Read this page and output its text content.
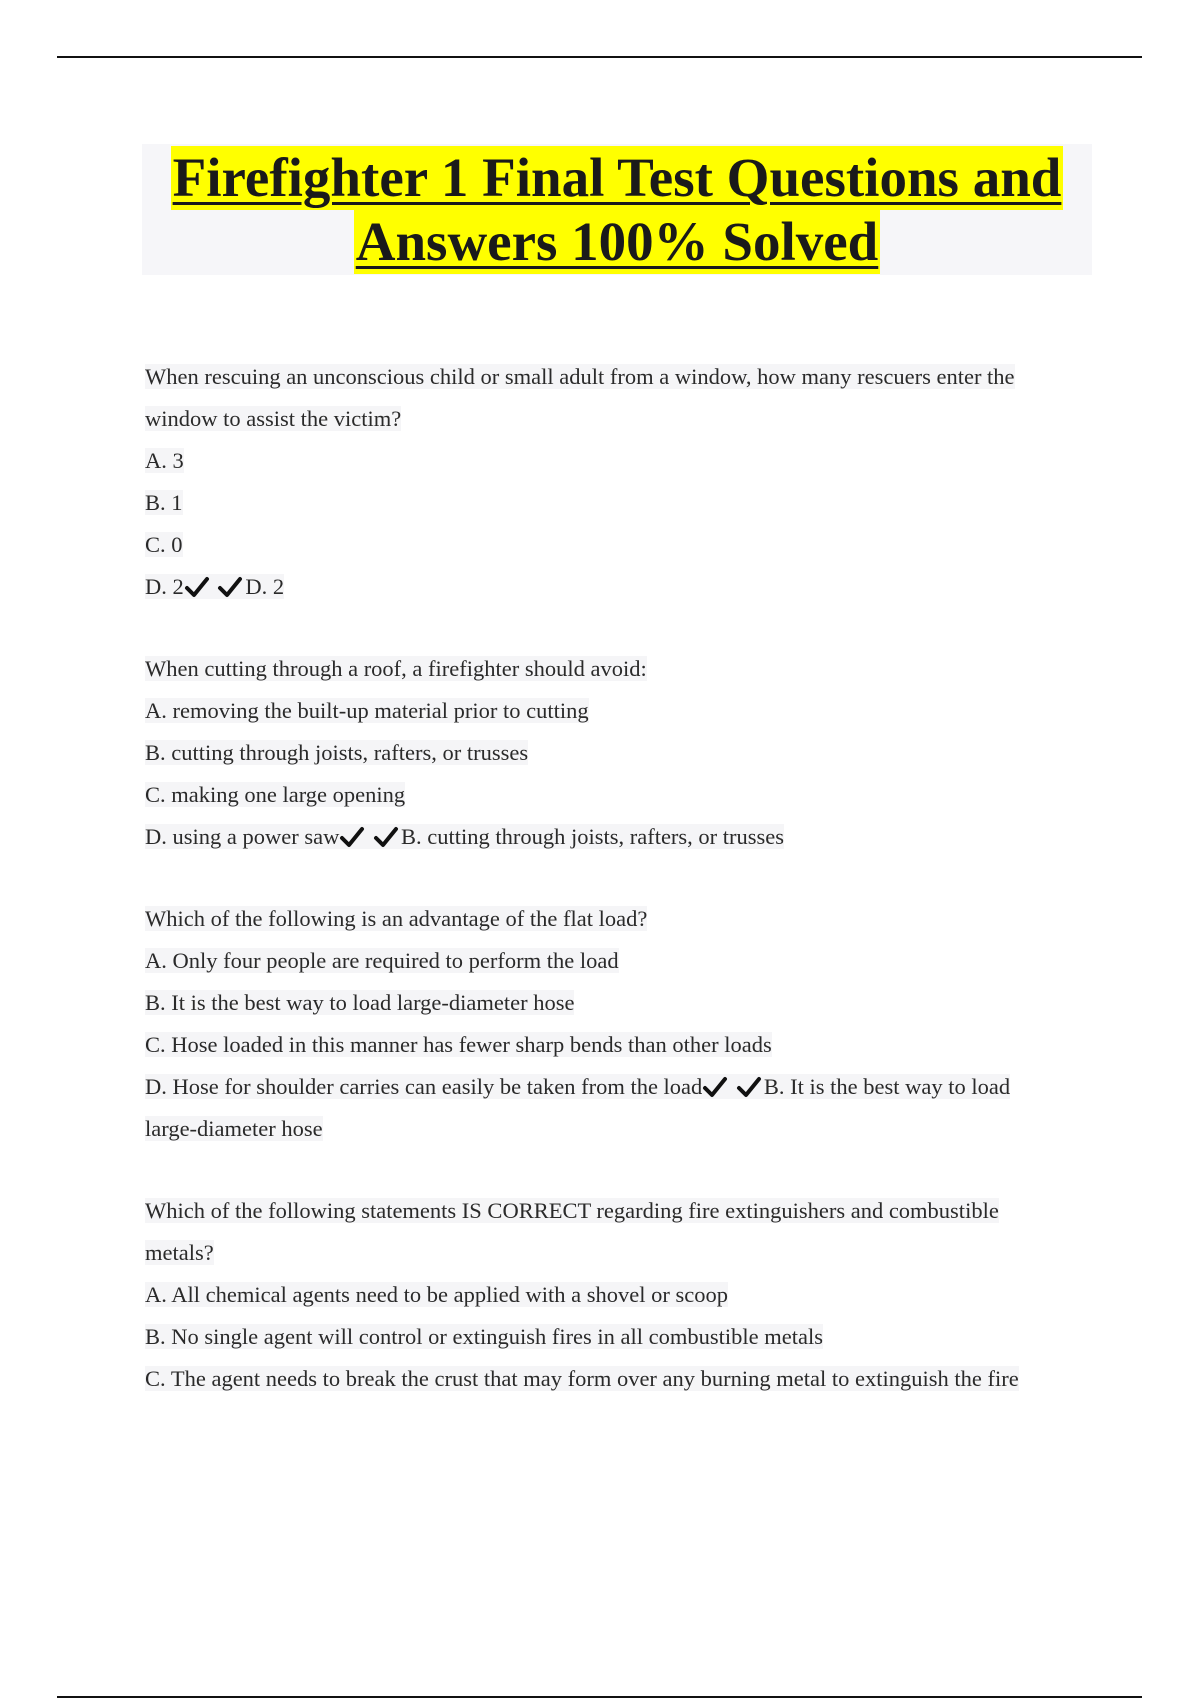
Firefighter 1 Final Test Questions and
Answers 100% Solved
When rescuing an unconscious child or small adult from a window, how many rescuers enter the
window to assist the victim?
A. 3
B. 1
C. 0
D. 2
	D. 2
When cutting through a roof, a firefighter should avoid:
A. removing the built-up material prior to cutting
B. cutting through joists, rafters, or trusses
C. making one large opening
D. using a power saw
	B. cutting through joists, rafters, or trusses
Which of the following is an advantage of the flat load?
A. Only four people are required to perform the load
B. It is the best way to load large-diameter hose
C. Hose loaded in this manner has fewer sharp bends than other loads
D. Hose for shoulder carries can easily be taken from the load
	B. It is the best way to load
large-diameter hose
Which of the following statements IS CORRECT regarding fire extinguishers and combustible
metals?
A. All chemical agents need to be applied with a shovel or scoop
B. No single agent will control or extinguish fires in all combustible metals
C. The agent needs to break the crust that may form over any burning metal to extinguish the fire
